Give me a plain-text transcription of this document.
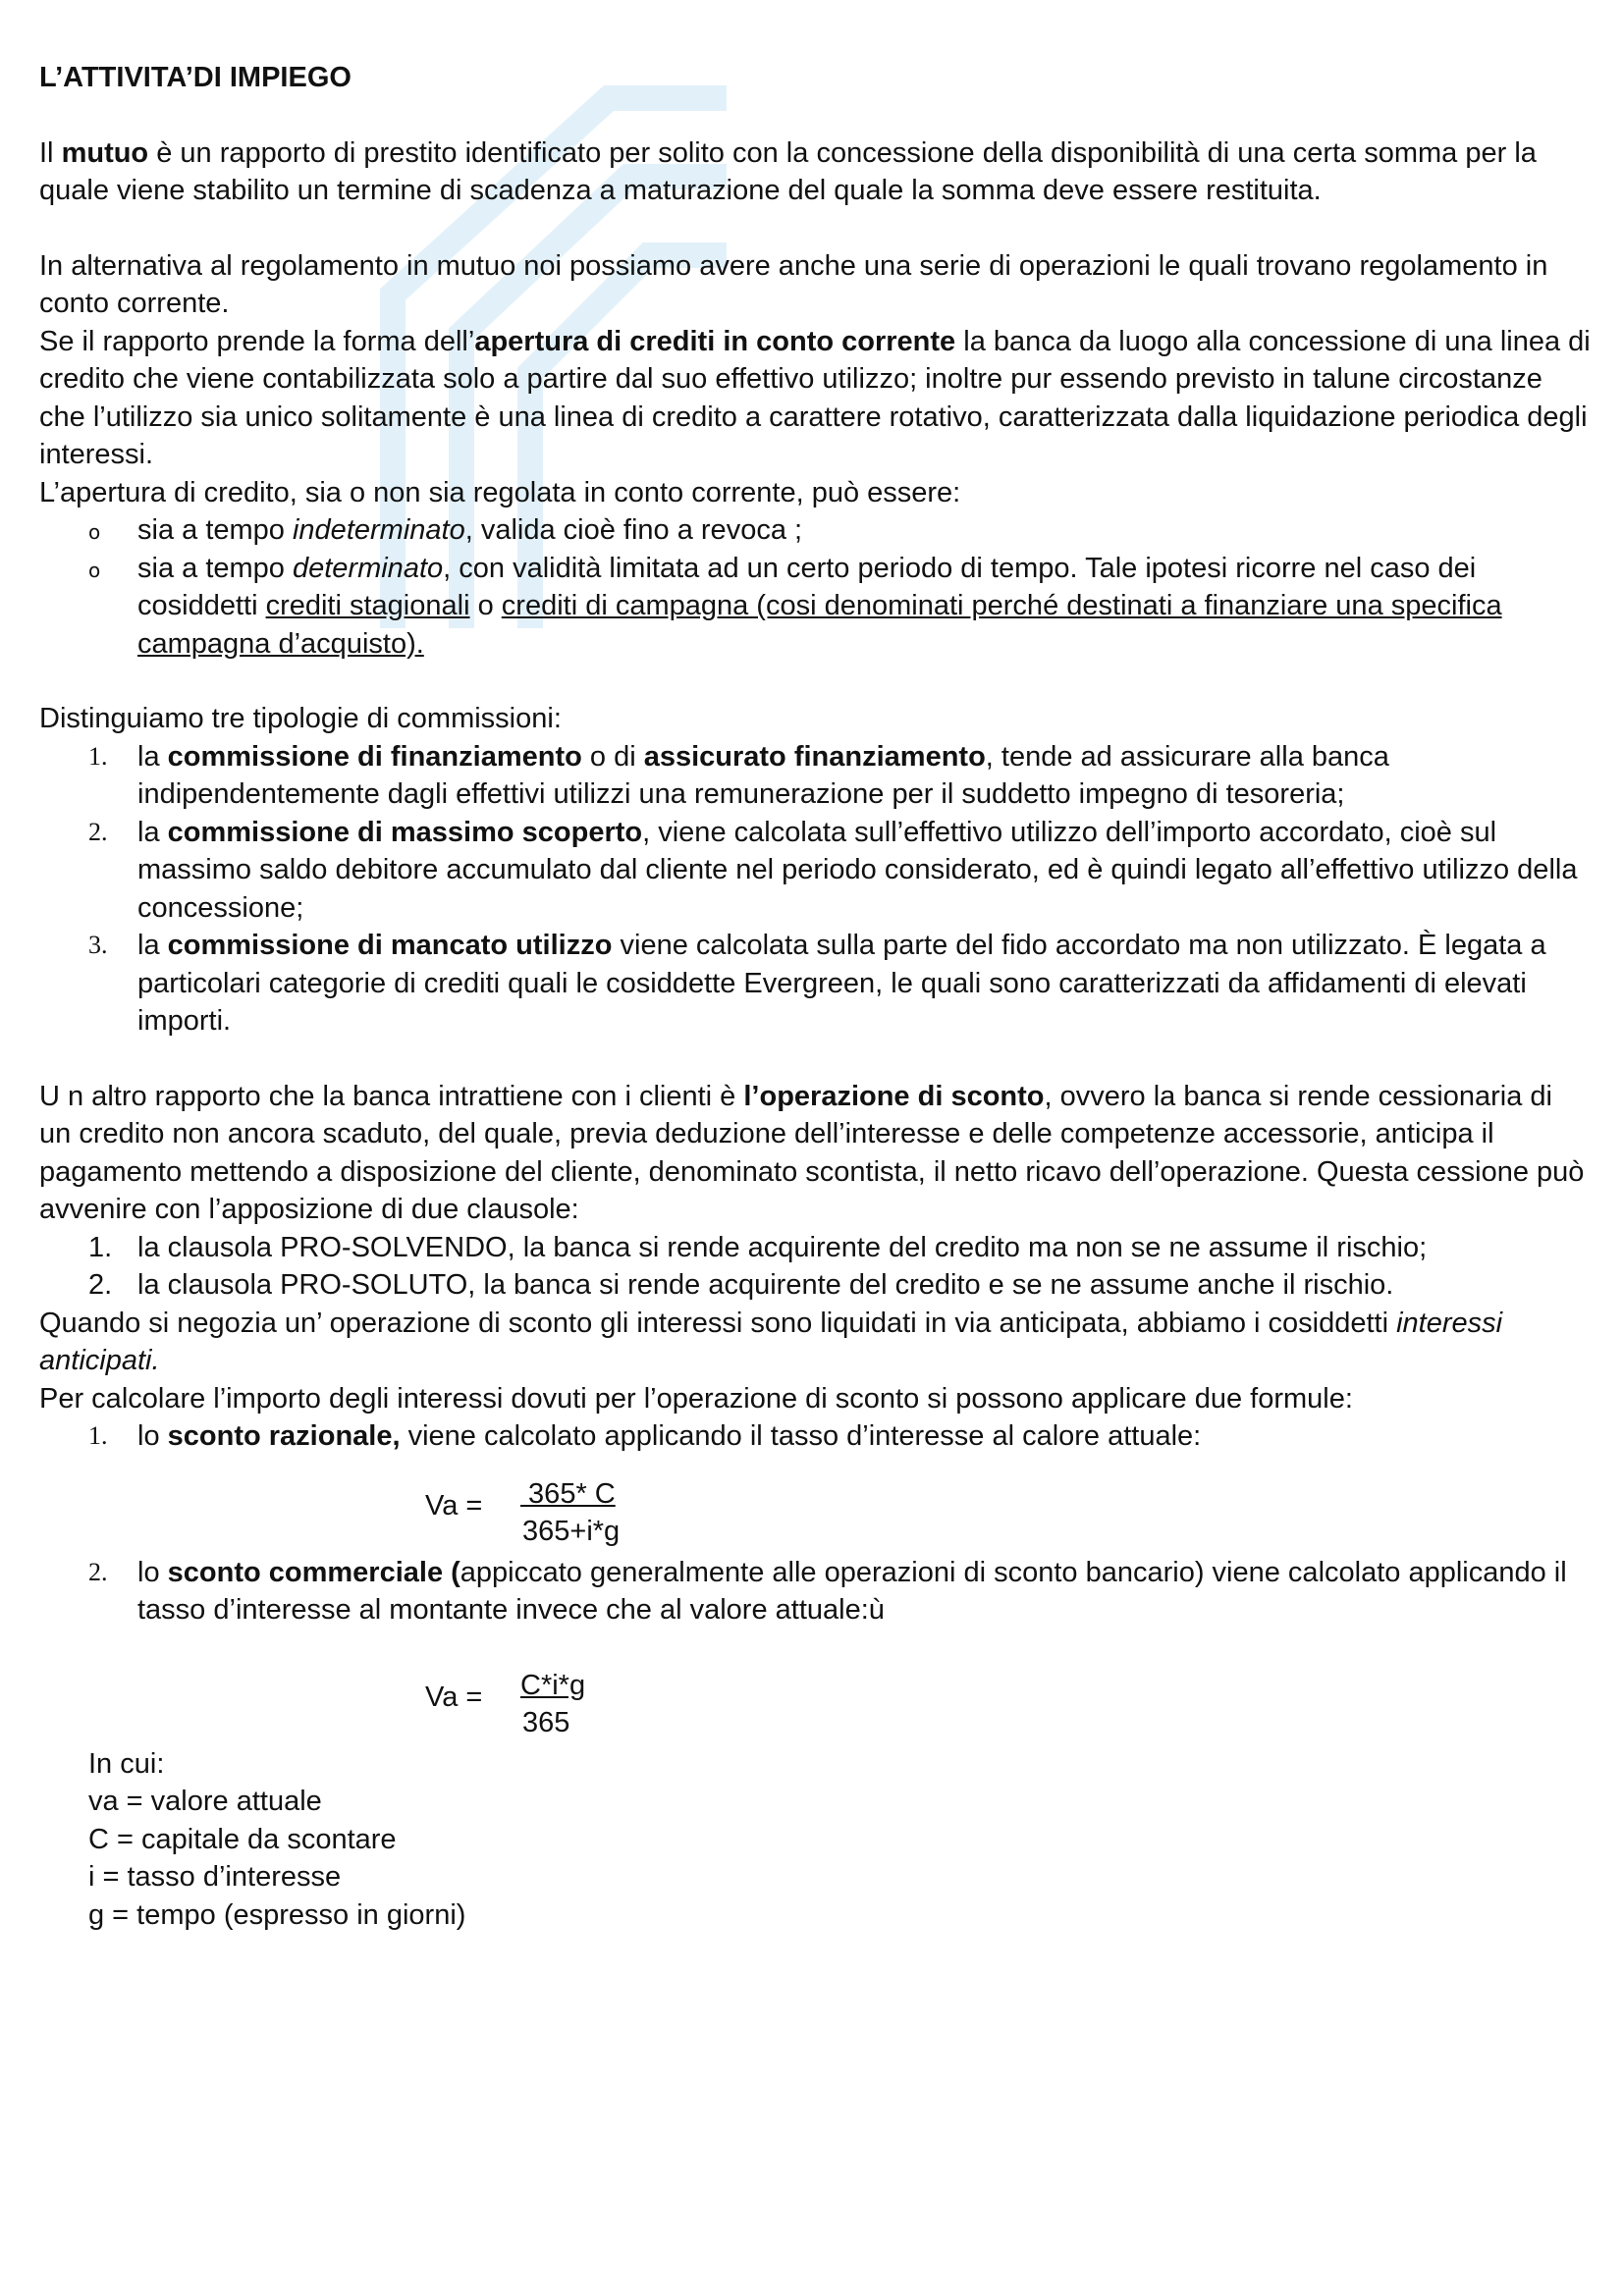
L’ATTIVITA’DI IMPIEGO

Il mutuo è un rapporto di prestito identificato per solito con la concessione della disponibilità di una certa somma per la quale viene stabilito un termine di scadenza a maturazione del quale la somma deve essere restituita.

In alternativa al regolamento in mutuo noi possiamo avere anche una serie di operazioni le quali trovano regolamento in conto corrente.

Se il rapporto prende la forma dell’apertura di crediti in conto corrente la banca da luogo alla concessione di una linea di credito che viene contabilizzata solo a partire dal suo effettivo utilizzo; inoltre pur essendo previsto in talune circostanze che l’utilizzo sia unico solitamente è una linea di credito a carattere rotativo, caratterizzata dalla liquidazione periodica degli interessi.

L’apertura di credito, sia o non sia regolata in conto corrente, può essere:

o sia a tempo indeterminato, valida cioè fino a revoca ;
o sia a tempo determinato, con validità limitata ad un certo periodo di tempo. Tale ipotesi ricorre nel caso dei cosiddetti crediti stagionali o crediti di campagna (cosi denominati perché destinati a finanziare una specifica campagna d’acquisto).

Distinguiamo tre tipologie di commissioni:

1. la commissione di finanziamento o di assicurato finanziamento, tende ad assicurare alla banca indipendentemente dagli effettivi utilizzi una remunerazione per il suddetto impegno di tesoreria;
2. la commissione di massimo scoperto, viene calcolata sull’effettivo utilizzo dell’importo accordato, cioè sul massimo saldo debitore accumulato dal cliente nel periodo considerato, ed è quindi legato all’effettivo utilizzo della concessione;
3. la commissione di mancato utilizzo viene calcolata sulla parte del fido accordato ma non utilizzato. È legata a particolari categorie di crediti quali le cosiddette Evergreen, le quali sono caratterizzati da affidamenti di elevati importi.

U n altro rapporto che la banca intrattiene con i clienti è l’operazione di sconto, ovvero la banca si rende cessionaria di un credito non ancora scaduto, del quale, previa deduzione dell’interesse e delle competenze accessorie, anticipa il pagamento mettendo a disposizione del cliente, denominato scontista, il netto ricavo dell’operazione. Questa cessione può avvenire con l’apposizione di due clausole:

1. la clausola PRO-SOLVENDO, la banca si rende acquirente del credito ma non se ne assume il rischio;
2. la clausola PRO-SOLUTO, la banca si rende acquirente del credito e se ne assume anche il rischio.

Quando si negozia un’ operazione di sconto gli interessi sono liquidati in via anticipata, abbiamo i cosiddetti interessi anticipati.

Per calcolare l’importo degli interessi dovuti per l’operazione di sconto si possono applicare due formule:

1. lo sconto razionale, viene calcolato applicando il tasso d’interesse al calore attuale:
Va = 365* C
365+i*g
2. lo sconto commerciale (appiccato generalmente alle operazioni di sconto bancario) viene calcolato applicando il tasso d’interesse al montante invece che al valore attuale:ù
Va = C*i*g
365

In cui:

va = valore attuale

C = capitale da scontare

i = tasso d’interesse

g = tempo (espresso in giorni)
